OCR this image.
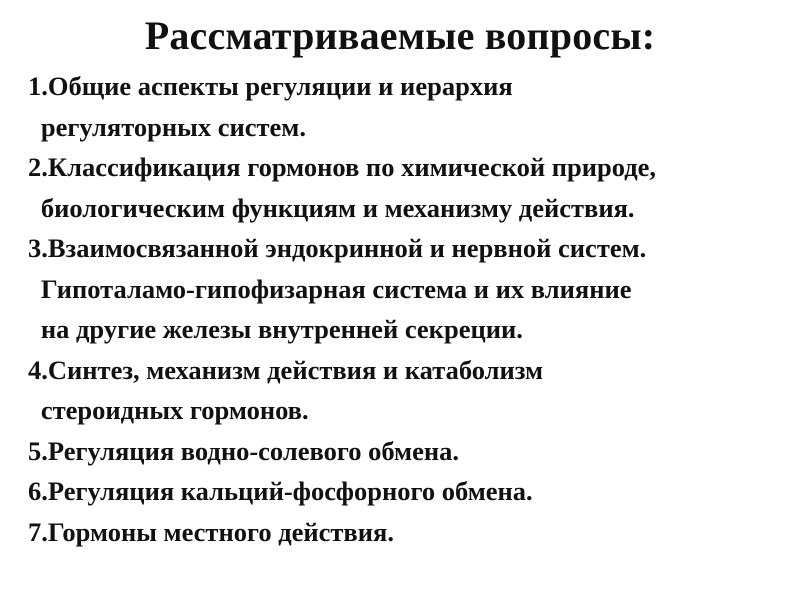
Рассматриваемые вопросы:
1. Общие аспекты регуляции и иерархия
регуляторных систем.
2. Классификация гормонов по химической природе,
биологическим функциям и механизму действия.
3. Взаимосвязанной эндокринной и нервной систем.
Гипоталамо-гипофизарная система и их влияние
на другие железы внутренней секреции.
4. Синтез, механизм действия и катаболизм
стероидных гормонов.
5. Регуляция водно-солевого обмена.
6. Регуляция кальций-фосфорного обмена.
7. Гормоны местного действия.
